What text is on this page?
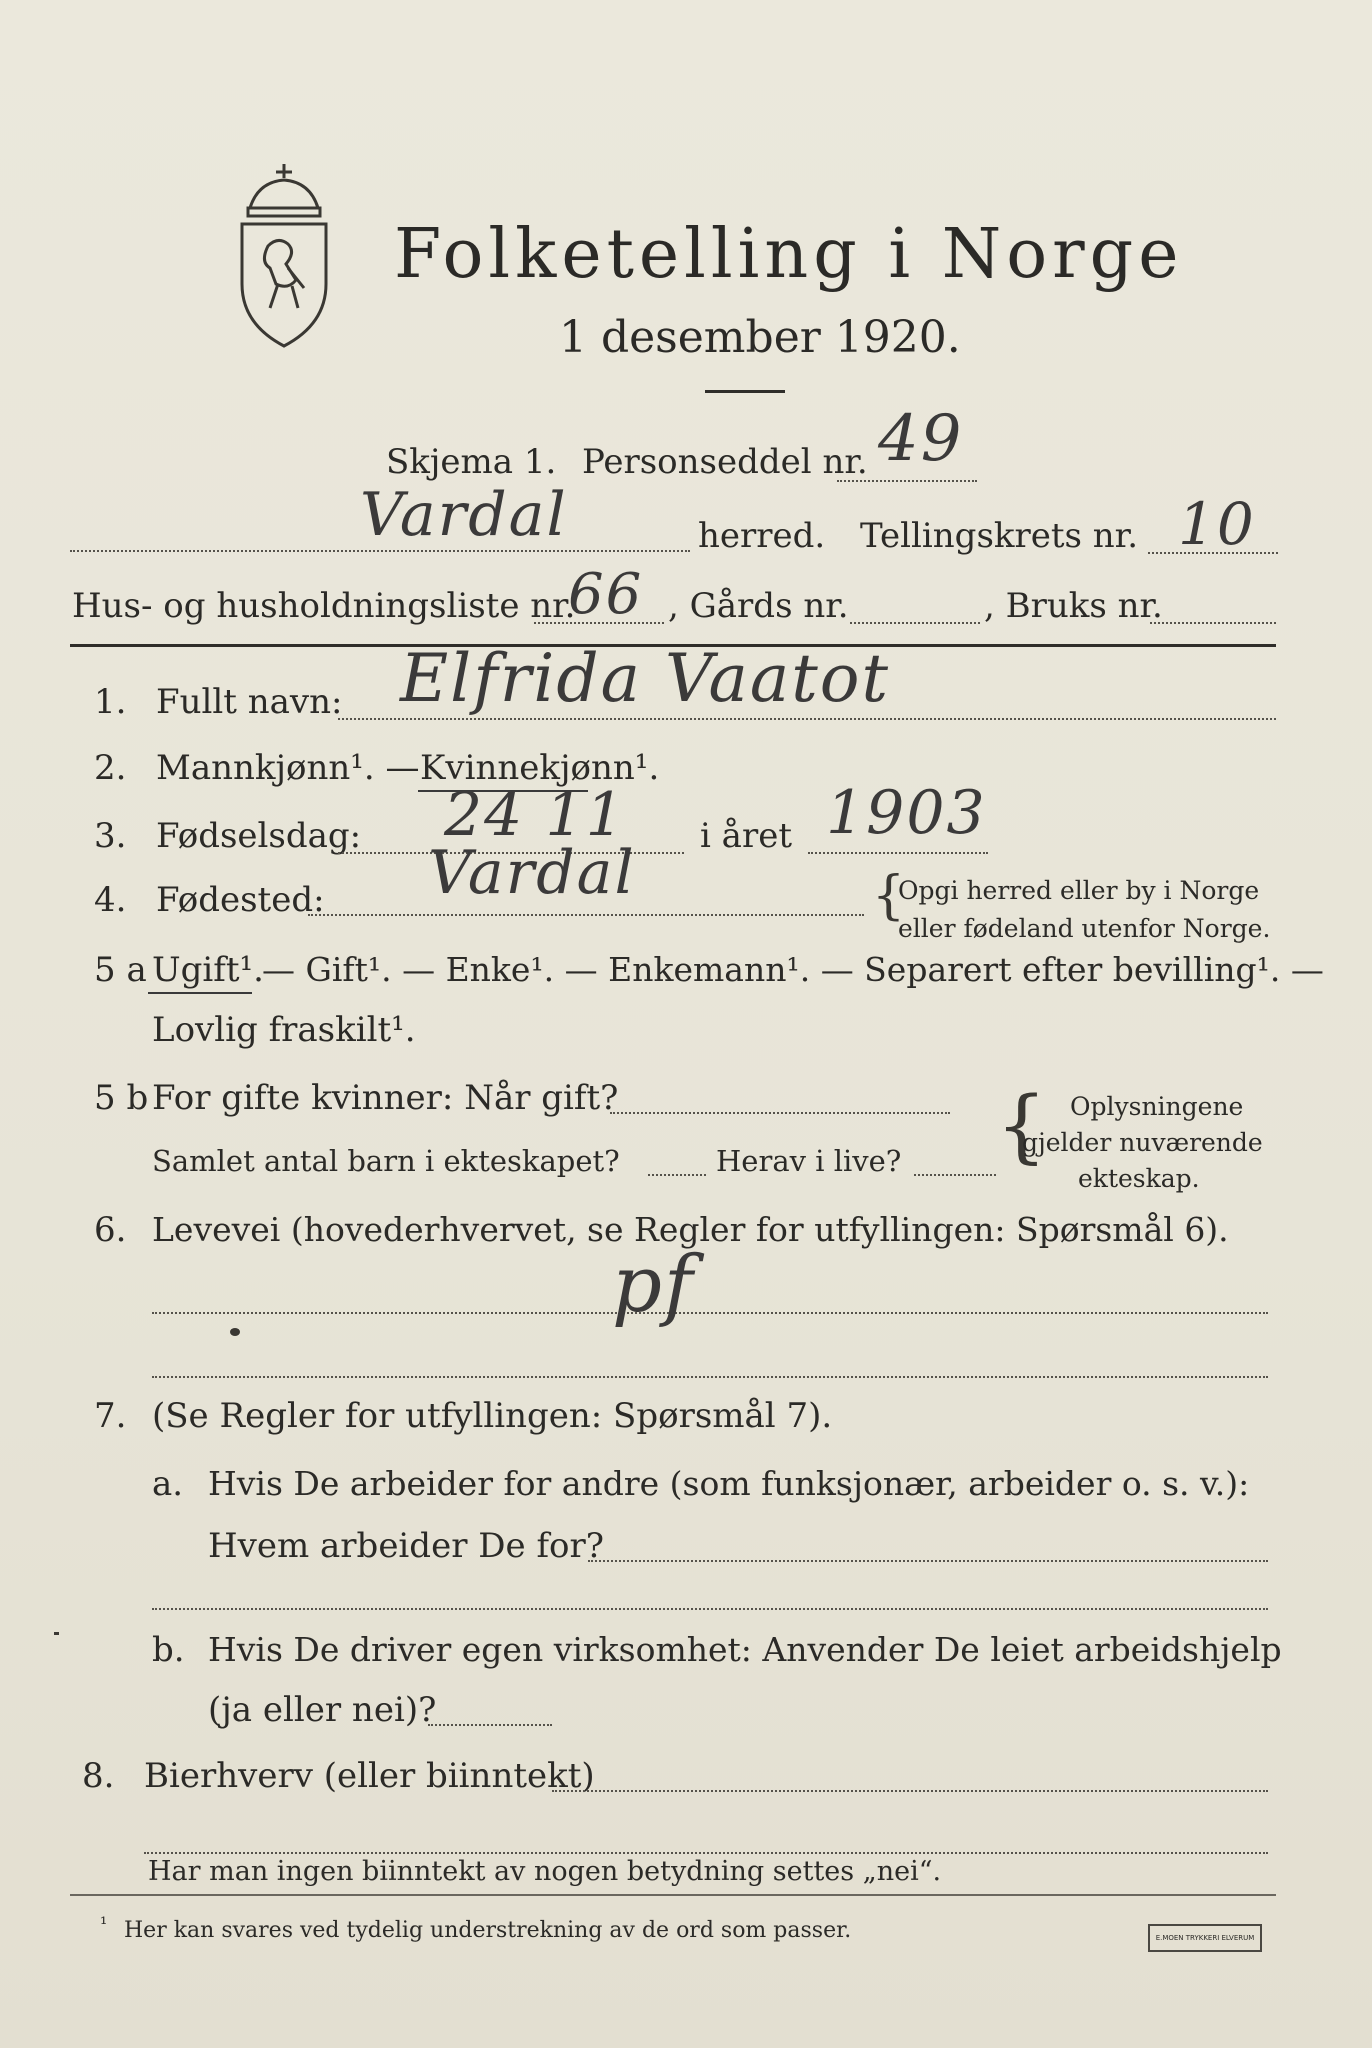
Folketelling i Norge
1 desember 1920.
Skjema 1. Personseddel nr. 49
Vardal	herred. Tellingskrets nr. 10
Hus- og husholdningsliste nr.
66 , Gårds nr.	, Bruks nr.
1. Fullt navn: Elfrida Vaatot
2. Mannkjønn¹. — Kvinnekjønn¹.
3. Fødselsdag: 24 11 i året 1903
4. Fødested: Vardal	{
Opgi herred eller by i Norge
eller fødeland utenfor Norge.
5 a Ugift¹.
— Gift¹. — Enke¹. — Enkemann¹. — Separert efter bevilling¹. —
Lovlig fraskilt¹.
5 b For gifte kvinner: Når gift?
Samlet antal barn i ekteskapet?	Herav i live? { Oplysningene
gjelder nuværende
ekteskap.
6. Levevei (hovederhvervet, se Regler for utfyllingen: Spørsmål 6).
pf
7. (Se Regler for utfyllingen: Spørsmål 7).
a. Hvis De arbeider for andre (som funksjonær, arbeider o. s. v.):
Hvem arbeider De for?
b. Hvis De driver egen virksomhet: Anvender De leiet arbeidshjelp
(ja eller nei)?
8. Bierhverv (eller biinntekt)
Har man ingen biinntekt av nogen betydning settes „nei“.
¹ Her kan svares ved tydelig understrekning av de ord som passer.	E.MOEN TRYKKERI ELVERUM
